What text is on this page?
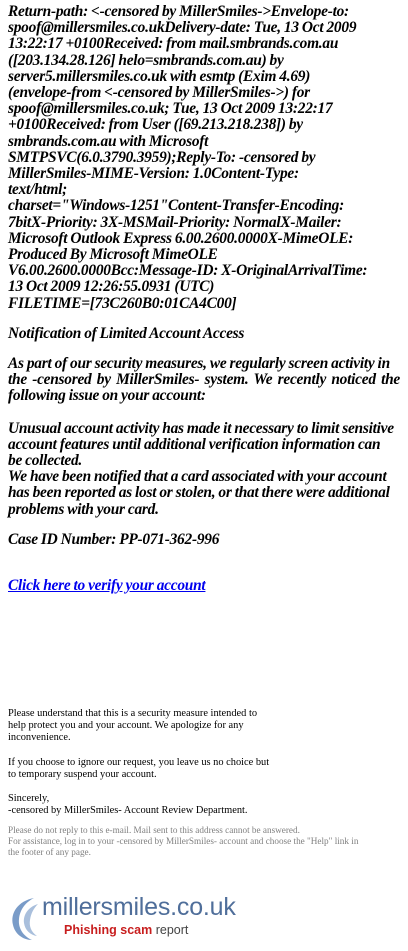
Return-path: <-censored by MillerSmiles->Envelope-to:
spoof@millersmiles.co.ukDelivery-date: Tue, 13 Oct 2009
13:22:17 +0100Received: from mail.smbrands.com.au
([203.134.28.126] helo=smbrands.com.au) by
server5.millersmiles.co.uk with esmtp (Exim 4.69)
(envelope-from <-censored by MillerSmiles->) for
spoof@millersmiles.co.uk; Tue, 13 Oct 2009 13:22:17
+0100Received: from User ([69.213.218.238]) by
smbrands.com.au with Microsoft
SMTPSVC(6.0.3790.3959);Reply-To: -censored by
MillerSmiles-MIME-Version: 1.0Content-Type:
text/html;
charset="Windows-1251"Content-Transfer-Encoding:
7bitX-Priority: 3X-MSMail-Priority: NormalX-Mailer:
Microsoft Outlook Express 6.00.2600.0000X-MimeOLE:
Produced By Microsoft MimeOLE
V6.00.2600.0000Bcc:Message-ID: X-OriginalArrivalTime:
13 Oct 2009 12:26:55.0931 (UTC)
FILETIME=[73C260B0:01CA4C00]

Notification of Limited Account Access

As part of our security measures, we regularly screen activity in
the -censored by MillerSmiles- system. We recently noticed the following issue on your account:

Unusual account activity has made it necessary to limit sensitive
account features until additional verification information can
be collected.

We have been notified that a card associated with your account
has been reported as lost or stolen, or that there were additional
problems with your card.

Case ID Number: PP-071-362-996

Click here to verify your account

Please understand that this is a security measure intended to
help protect you and your account. We apologize for any
inconvenience.

If you choose to ignore our request, you leave us no choice but
to temporary suspend your account.

Sincerely,
-censored by MillerSmiles- Account Review Department.

Please do not reply to this e-mail. Mail sent to this address cannot be answered.
For assistance, log in to your -censored by MillerSmiles- account and choose the "Help" link in
the footer of any page.

millersmiles.co.uk
Phishing scam report
